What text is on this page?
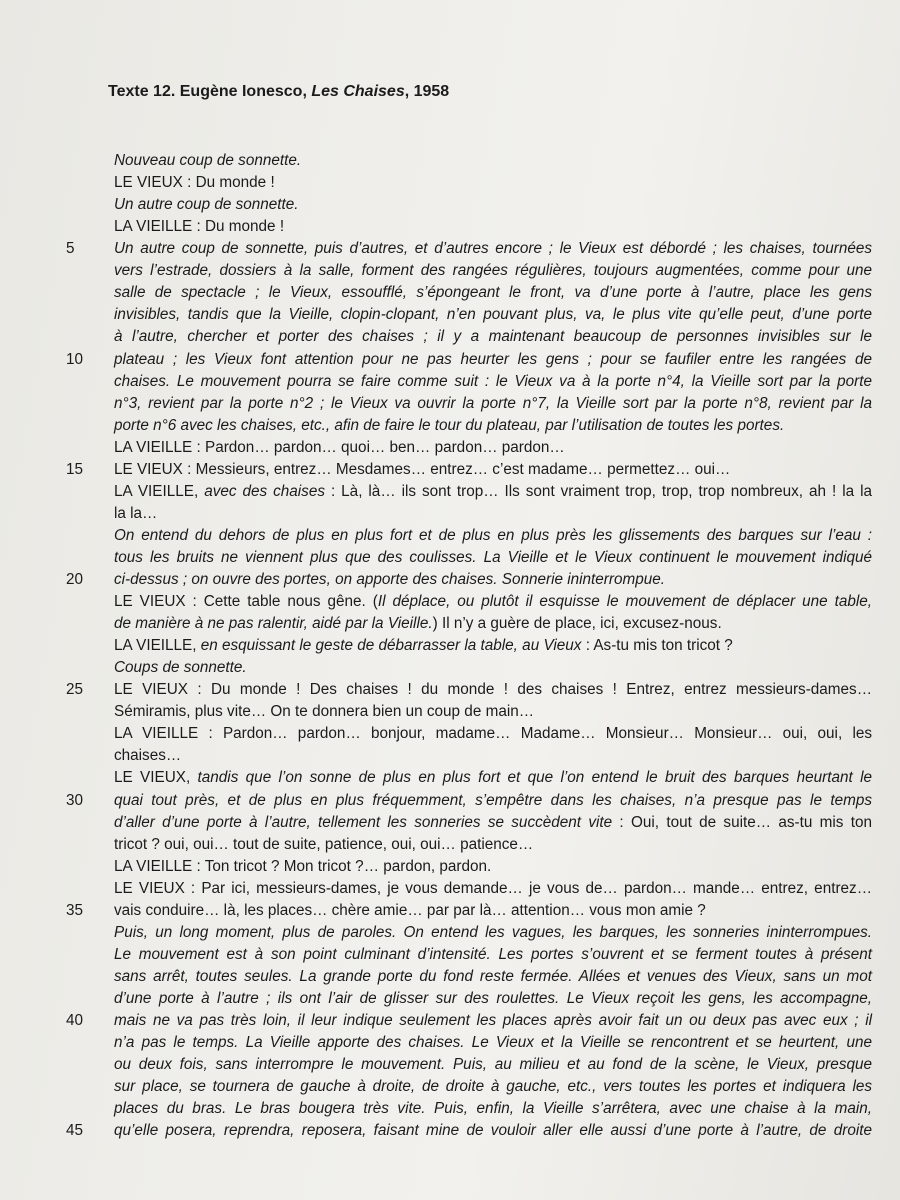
Texte 12. Eugène Ionesco, Les Chaises, 1958
Nouveau coup de sonnette.
LE VIEUX : Du monde !
Un autre coup de sonnette.
LA VIEILLE : Du monde !
Un autre coup de sonnette, puis d’autres, et d’autres encore ; le Vieux est débordé ; les chaises, tournées
vers l’estrade, dossiers à la salle, forment des rangées régulières, toujours augmentées, comme pour une
salle de spectacle ; le Vieux, essoufflé, s’épongeant le front, va d’une porte à l’autre, place les gens
invisibles, tandis que la Vieille, clopin-clopant, n’en pouvant plus, va, le plus vite qu’elle peut, d’une porte
à l’autre, chercher et porter des chaises ; il y a maintenant beaucoup de personnes invisibles sur le
plateau ; les Vieux font attention pour ne pas heurter les gens ; pour se faufiler entre les rangées de
chaises. Le mouvement pourra se faire comme suit : le Vieux va à la porte n°4, la Vieille sort par la porte
n°3, revient par la porte n°2 ; le Vieux va ouvrir la porte n°7, la Vieille sort par la porte n°8, revient par la
porte n°6 avec les chaises, etc., afin de faire le tour du plateau, par l’utilisation de toutes les portes.
LA VIEILLE : Pardon… pardon… quoi… ben… pardon… pardon…
LE VIEUX : Messieurs, entrez… Mesdames… entrez… c’est madame… permettez… oui…
LA VIEILLE, avec des chaises : Là, là… ils sont trop… Ils sont vraiment trop, trop, trop nombreux, ah ! la la
la la…
On entend du dehors de plus en plus fort et de plus en plus près les glissements des barques sur l’eau :
tous les bruits ne viennent plus que des coulisses. La Vieille et le Vieux continuent le mouvement indiqué
ci-dessus ; on ouvre des portes, on apporte des chaises. Sonnerie ininterrompue.
LE VIEUX : Cette table nous gêne. (Il déplace, ou plutôt il esquisse le mouvement de déplacer une table,
de manière à ne pas ralentir, aidé par la Vieille.) Il n’y a guère de place, ici, excusez-nous.
LA VIEILLE, en esquissant le geste de débarrasser la table, au Vieux : As-tu mis ton tricot ?
Coups de sonnette.
LE VIEUX : Du monde ! Des chaises ! du monde ! des chaises ! Entrez, entrez messieurs-dames…
Sémiramis, plus vite… On te donnera bien un coup de main…
LA VIEILLE : Pardon… pardon… bonjour, madame… Madame… Monsieur… Monsieur… oui, oui, les
chaises…
LE VIEUX, tandis que l’on sonne de plus en plus fort et que l’on entend le bruit des barques heurtant le
quai tout près, et de plus en plus fréquemment, s’empêtre dans les chaises, n’a presque pas le temps
d’aller d’une porte à l’autre, tellement les sonneries se succèdent vite : Oui, tout de suite… as-tu mis ton
tricot ? oui, oui… tout de suite, patience, oui, oui… patience…
LA VIEILLE : Ton tricot ? Mon tricot ?… pardon, pardon.
LE VIEUX : Par ici, messieurs-dames, je vous demande… je vous de… pardon… mande… entrez, entrez…
vais conduire… là, les places… chère amie… par par là… attention… vous mon amie ?
Puis, un long moment, plus de paroles. On entend les vagues, les barques, les sonneries ininterrompues.
Le mouvement est à son point culminant d’intensité. Les portes s’ouvrent et se ferment toutes à présent
sans arrêt, toutes seules. La grande porte du fond reste fermée. Allées et venues des Vieux, sans un mot
d’une porte à l’autre ; ils ont l’air de glisser sur des roulettes. Le Vieux reçoit les gens, les accompagne,
mais ne va pas très loin, il leur indique seulement les places après avoir fait un ou deux pas avec eux ; il
n’a pas le temps. La Vieille apporte des chaises. Le Vieux et la Vieille se rencontrent et se heurtent, une
ou deux fois, sans interrompre le mouvement. Puis, au milieu et au fond de la scène, le Vieux, presque
sur place, se tournera de gauche à droite, de droite à gauche, etc., vers toutes les portes et indiquera les
places du bras. Le bras bougera très vite. Puis, enfin, la Vieille s’arrêtera, avec une chaise à la main,
qu’elle posera, reprendra, reposera, faisant mine de vouloir aller elle aussi d’une porte à l’autre, de droite
5
10
15
20
25
30
35
40
45
